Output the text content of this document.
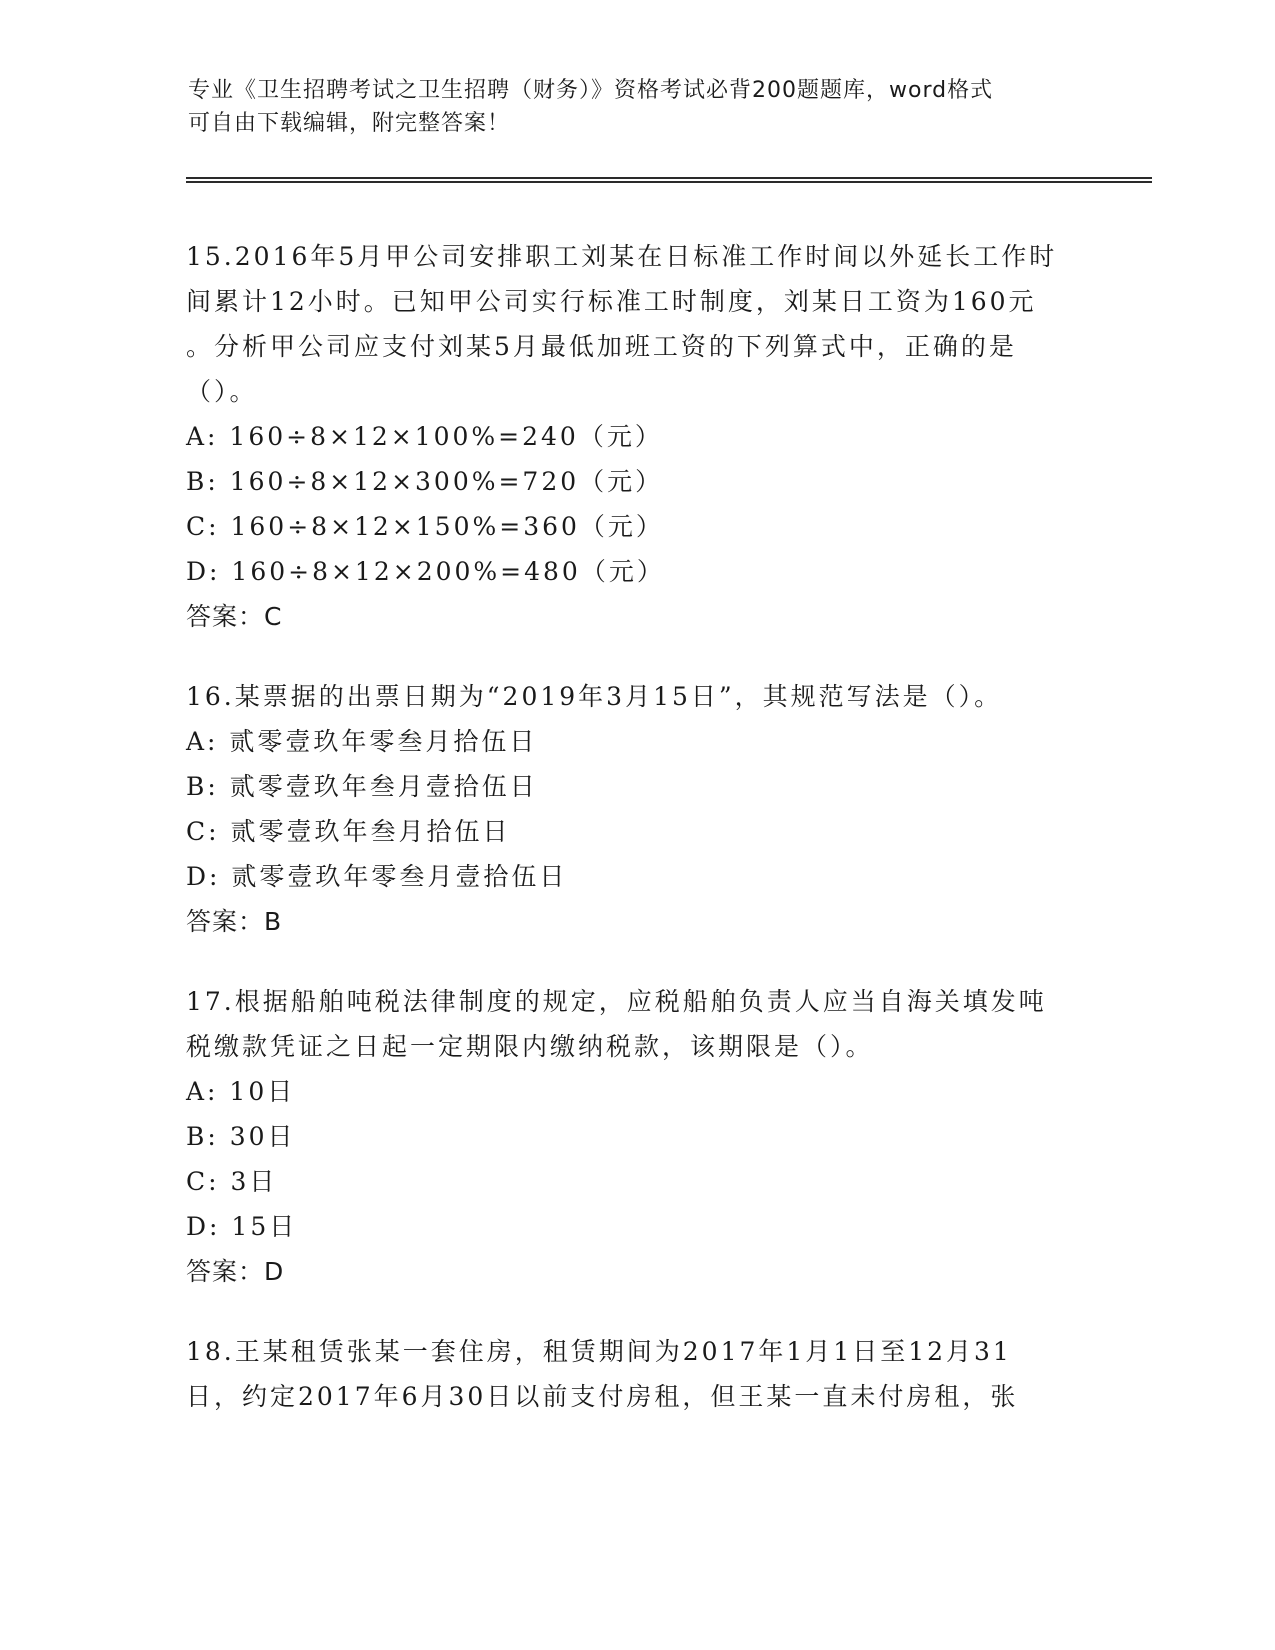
专业《卫生招聘考试之卫生招聘（财务）》资格考试必背200题题库，word格式
可自由下载编辑，附完整答案！
15.2016年5月甲公司安排职工刘某在日标准工作时间以外延长工作时
间累计12小时。已知甲公司实行标准工时制度，刘某日工资为160元
。分析甲公司应支付刘某5月最低加班工资的下列算式中，正确的是
（）。
A: 160÷8×12×100%=240（元）
B: 160÷8×12×300%=720（元）
C: 160÷8×12×150%=360（元）
D: 160÷8×12×200%=480（元）
答案：C
16.某票据的出票日期为“2019年3月15日”，其规范写法是（）。
A: 贰零壹玖年零叁月拾伍日
B: 贰零壹玖年叁月壹拾伍日
C: 贰零壹玖年叁月拾伍日
D: 贰零壹玖年零叁月壹拾伍日
答案：B
17.根据船舶吨税法律制度的规定，应税船舶负责人应当自海关填发吨
税缴款凭证之日起一定期限内缴纳税款，该期限是（）。
A: 10日
B: 30日
C: 3日
D: 15日
答案：D
18.王某租赁张某一套住房，租赁期间为2017年1月1日至12月31
日，约定2017年6月30日以前支付房租，但王某一直未付房租，张
